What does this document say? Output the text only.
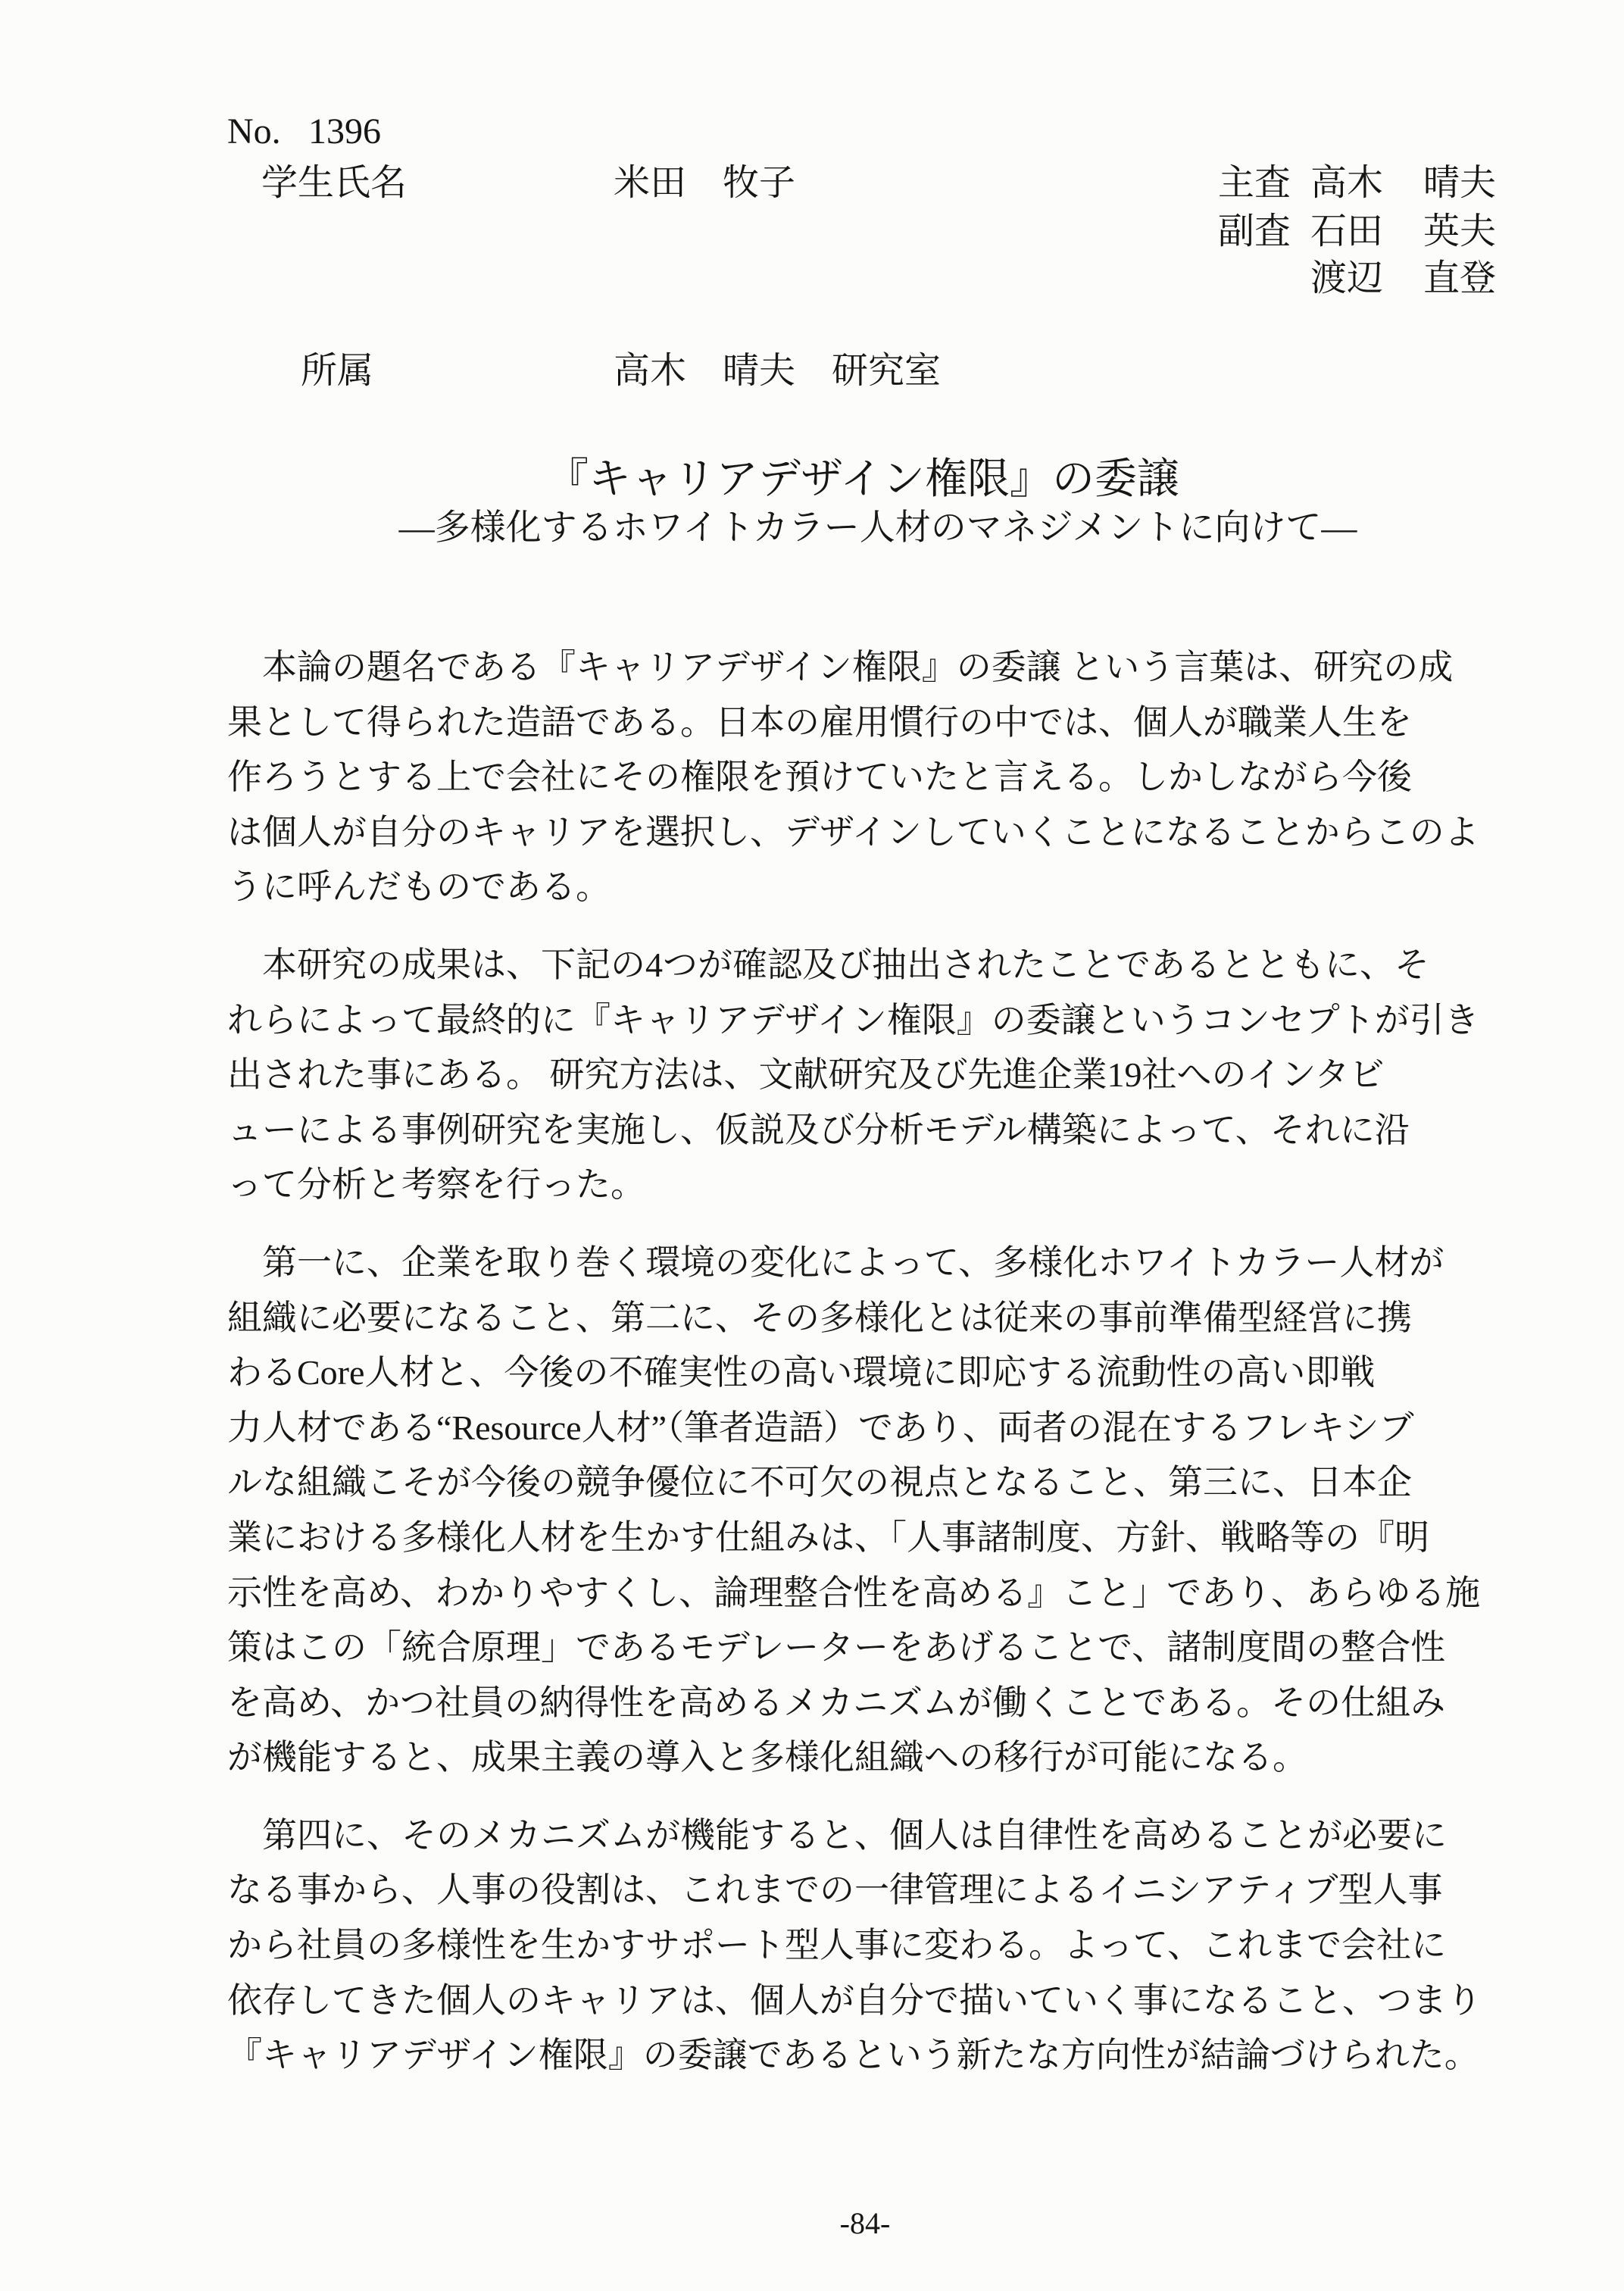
No. 1396
学生氏名	米田　牧子	主査 高木 晴夫
副査 石田 英夫
渡辺 直登
所属	高木　晴夫　研究室
『キャリアデザイン権限』の委譲
―多様化するホワイトカラー人材のマネジメントに向けて―
本論の題名である『キャリアデザイン権限』の委譲 という言葉は、研究の成
果として得られた造語である。日本の雇用慣行の中では、個人が職業人生を
作ろうとする上で会社にその権限を預けていたと言える。しかしながら今後
は個人が自分のキャリアを選択し、デザインしていくことになることからこのよ
うに呼んだものである。
本研究の成果は、下記の4つが確認及び抽出されたことであるとともに、そ
れらによって最終的に『キャリアデザイン権限』の委譲というコンセプトが引き
出された事にある。 研究方法は、文献研究及び先進企業19社へのインタビ
ューによる事例研究を実施し、仮説及び分析モデル構築によって、それに沿
って分析と考察を行った。
第一に、企業を取り巻く環境の変化によって、多様化ホワイトカラー人材が
組織に必要になること、第二に、その多様化とは従来の事前準備型経営に携
わるCore人材と、今後の不確実性の高い環境に即応する流動性の高い即戦
力人材である“Resource人材”（筆者造語）であり、両者の混在するフレキシブ
ルな組織こそが今後の競争優位に不可欠の視点となること、第三に、日本企
業における多様化人材を生かす仕組みは、「人事諸制度、方針、戦略等の『明
示性を高め、わかりやすくし、論理整合性を高める』こと」であり、あらゆる施
策はこの「統合原理」であるモデレーターをあげることで、諸制度間の整合性
を高め、かつ社員の納得性を高めるメカニズムが働くことである。その仕組み
が機能すると、成果主義の導入と多様化組織への移行が可能になる。
第四に、そのメカニズムが機能すると、個人は自律性を高めることが必要に
なる事から、人事の役割は、これまでの一律管理によるイニシアティブ型人事
から社員の多様性を生かすサポート型人事に変わる。よって、これまで会社に
依存してきた個人のキャリアは、個人が自分で描いていく事になること、つまり
『キャリアデザイン権限』の委譲であるという新たな方向性が結論づけられた。
-84-
